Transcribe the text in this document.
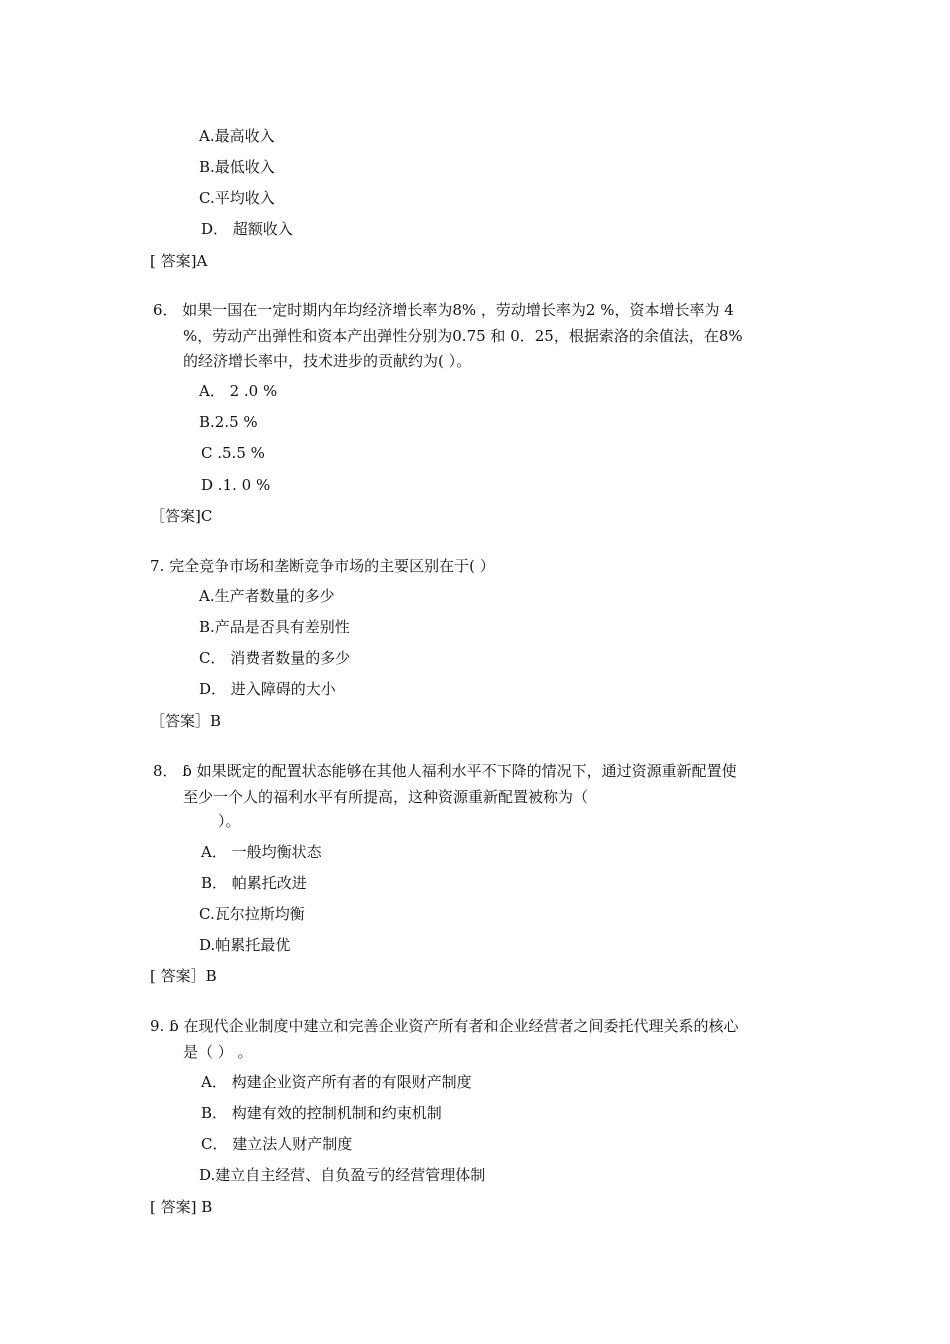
A.最高收入
B.最低收入
C.平均收入
D． 超额收入
[ 答案]A
6． 如果一国在一定时期内年均经济增长率为8% ，劳动增长率为2 %，资本增长率为 4
%，劳动产出弹性和资本产出弹性分别为0.75 和 0．25，根据索洛的余值法，在8%
的经济增长率中，技术进步的贡献约为( ）。
A． 2 .0 %
B.2.5 %
C .5.5 %
D .1. 0 %
［答案]C
7. 完全竞争市场和垄断竞争市场的主要区别在于( ）
A.生产者数量的多少
B.产品是否具有差别性
C． 消费者数量的多少
D． 进入障碍的大小
［答案］B
8． ɓ 如果既定的配置状态能够在其他人福利水平不下降的情况下，通过资源重新配置使
至少一个人的福利水平有所提高，这种资源重新配置被称为（
）。
A． 一般均衡状态
B． 帕累托改进
C.瓦尔拉斯均衡
D.帕累托最优
[ 答案］B
9. ɓ 在现代企业制度中建立和完善企业资产所有者和企业经营者之间委托代理关系的核心
是（ ） 。
A． 构建企业资产所有者的有限财产制度
B． 构建有效的控制机制和约束机制
C． 建立法人财产制度
D.建立自主经营、自负盈亏的经营管理体制
[ 答案] B
